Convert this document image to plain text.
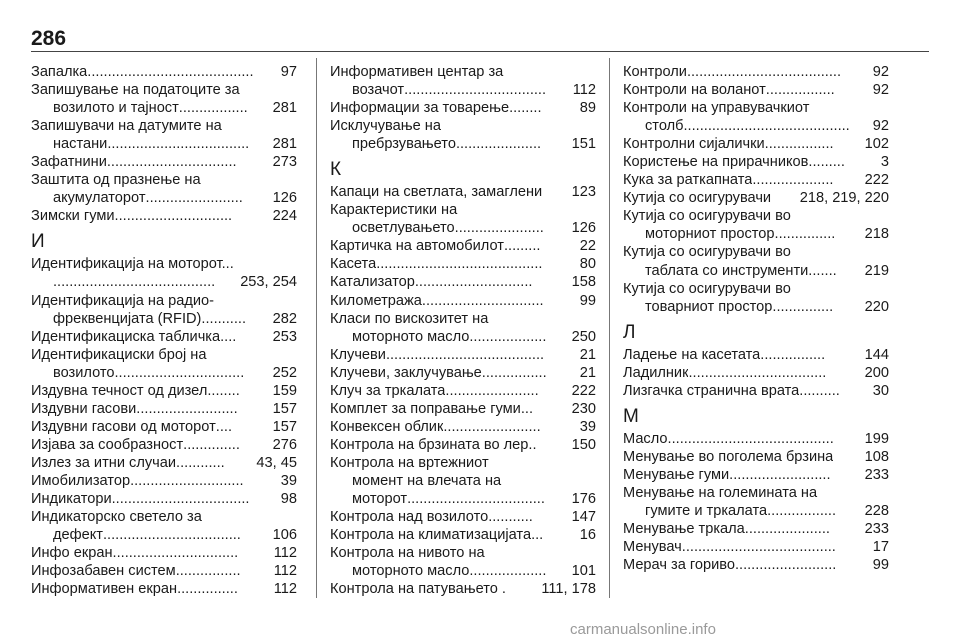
286
Запалка .........................................	97
Запишување на податоците за
возилото и тајност .................	281
Запишувачи на датумите на
настани ...................................	281
Зафатнини ................................	273
Заштита од празнење на
акумулаторот ........................	126
Зимски гуми .............................	224
И
Идентификација на моторот...
........................................	253, 254
Идентификација на радио-
фреквенцијата (RFID) ...........	282
Идентификациска табличка ....	253
Идентификациски број на
возилото ................................	252
Издувна течност од дизел ........	159
Издувни гасови .........................	157
Издувни гасови од моторот ....	157
Изјава за сообразност ..............	276
Излез за итни случаи ............	43, 45
Имобилизатор ............................	39
Индикатори ..................................	98
Индикаторско светело за
дефект ..................................	106
Инфо екран ...............................	112
Инфозабавен систем ................	112
Информативен екран ...............	112
Информативен центар за
возачот ...................................	112
Информации за товарење ........	89
Исклучување на
пребрзувањето .....................	151
К
Капаци на светлата, замаглени 123
Карактеристики на
осветлувањето ......................	126
Картичка на автомобилот .........	22
Касета .........................................	80
Катализатор .............................	158
Километража ..............................	99
Класи по вискозитет на
моторното масло ...................	250
Клучеви .......................................	21
Клучеви, заклучување ................	21
Клуч за тркалата .......................	222
Комплет за поправање гуми ...	230
Конвексен облик ........................	39
Контрола на брзината во лер. .	150
Контрола на вртежниот
момент на влечата на
моторот ..................................	176
Контрола над возилото ...........	147
Контрола на климатизацијата ...	16
Контрола на нивото на
моторното масло ...................	101
Контрола на патувањето . 111, 178
Контроли ......................................	92
Контроли на воланот .................	92
Контроли на управувачкиот
столб .........................................	92
Контролни сијалички .................	102
Користење на прирачников .........	3
Кука за раткапната ....................	222
Кутија со осигурувачи 218, 219, 220
Кутија со осигурувачи во
моторниот простор ...............	218
Кутија со осигурувачи во
таблата со инструменти .......	219
Кутија со осигурувачи во
товарниот простор ...............	220
Л
Ладење на касетата ................	144
Ладилник ..................................	200
Лизгачка странична врата ..........	30
М
Масло .........................................	199
Менување во поголема брзина 108
Менување гуми .........................	233
Менување на големината на
гумите и тркалата .................	228
Менување тркала .....................	233
Менувач ......................................	17
Мерач за гориво .........................	99
carmanualsonline.info
